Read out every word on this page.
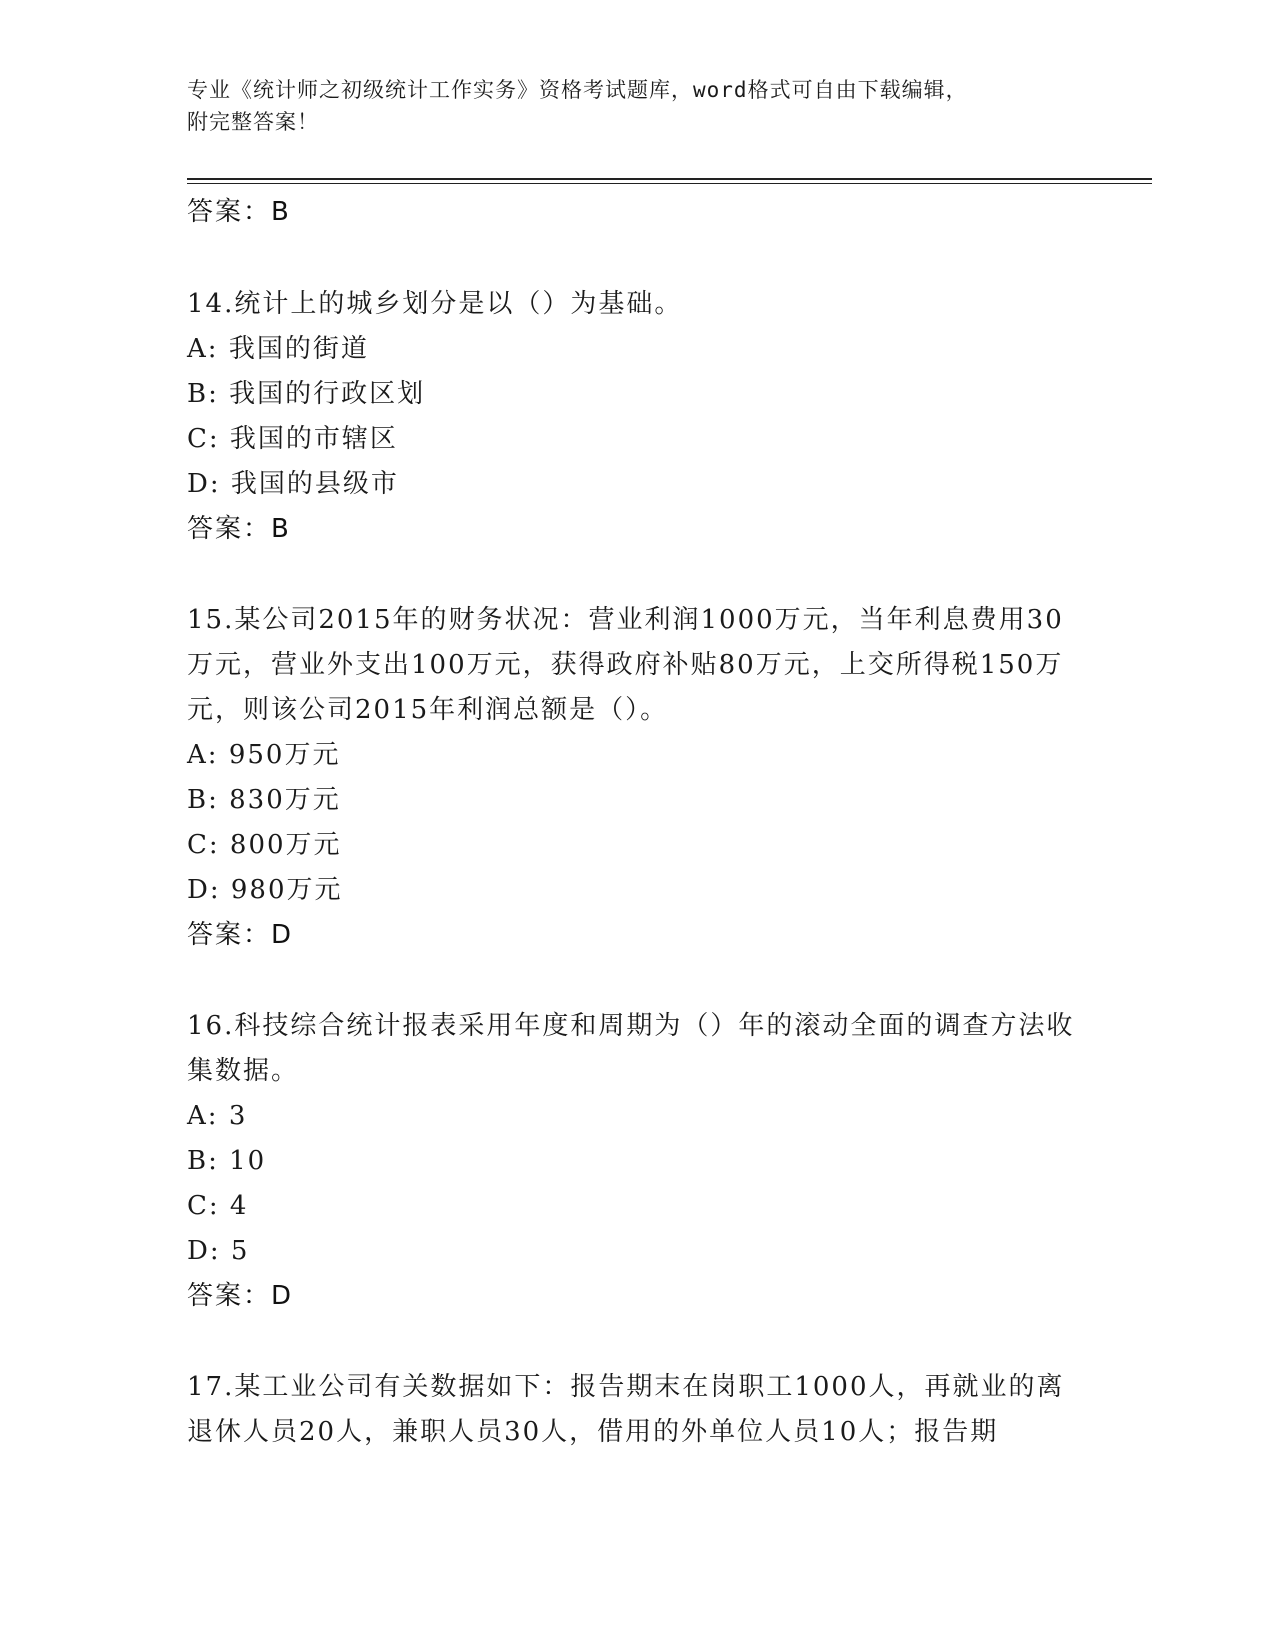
专业《统计师之初级统计工作实务》资格考试题库，word格式可自由下载编辑，
附完整答案！
答案：B
14.统计上的城乡划分是以（）为基础。
A: 我国的街道
B: 我国的行政区划
C: 我国的市辖区
D: 我国的县级市
答案：B
15.某公司2015年的财务状况：营业利润1000万元，当年利息费用30万元，营业外支出100万元，获得政府补贴80万元，上交所得税150万元，则该公司2015年利润总额是（）。
A: 950万元
B: 830万元
C: 800万元
D: 980万元
答案：D
16.科技综合统计报表采用年度和周期为（）年的滚动全面的调查方法收集数据。
A: 3
B: 10
C: 4
D: 5
答案：D
17.某工业公司有关数据如下：报告期末在岗职工1000人，再就业的离退休人员20人，兼职人员30人，借用的外单位人员10人；报告期
